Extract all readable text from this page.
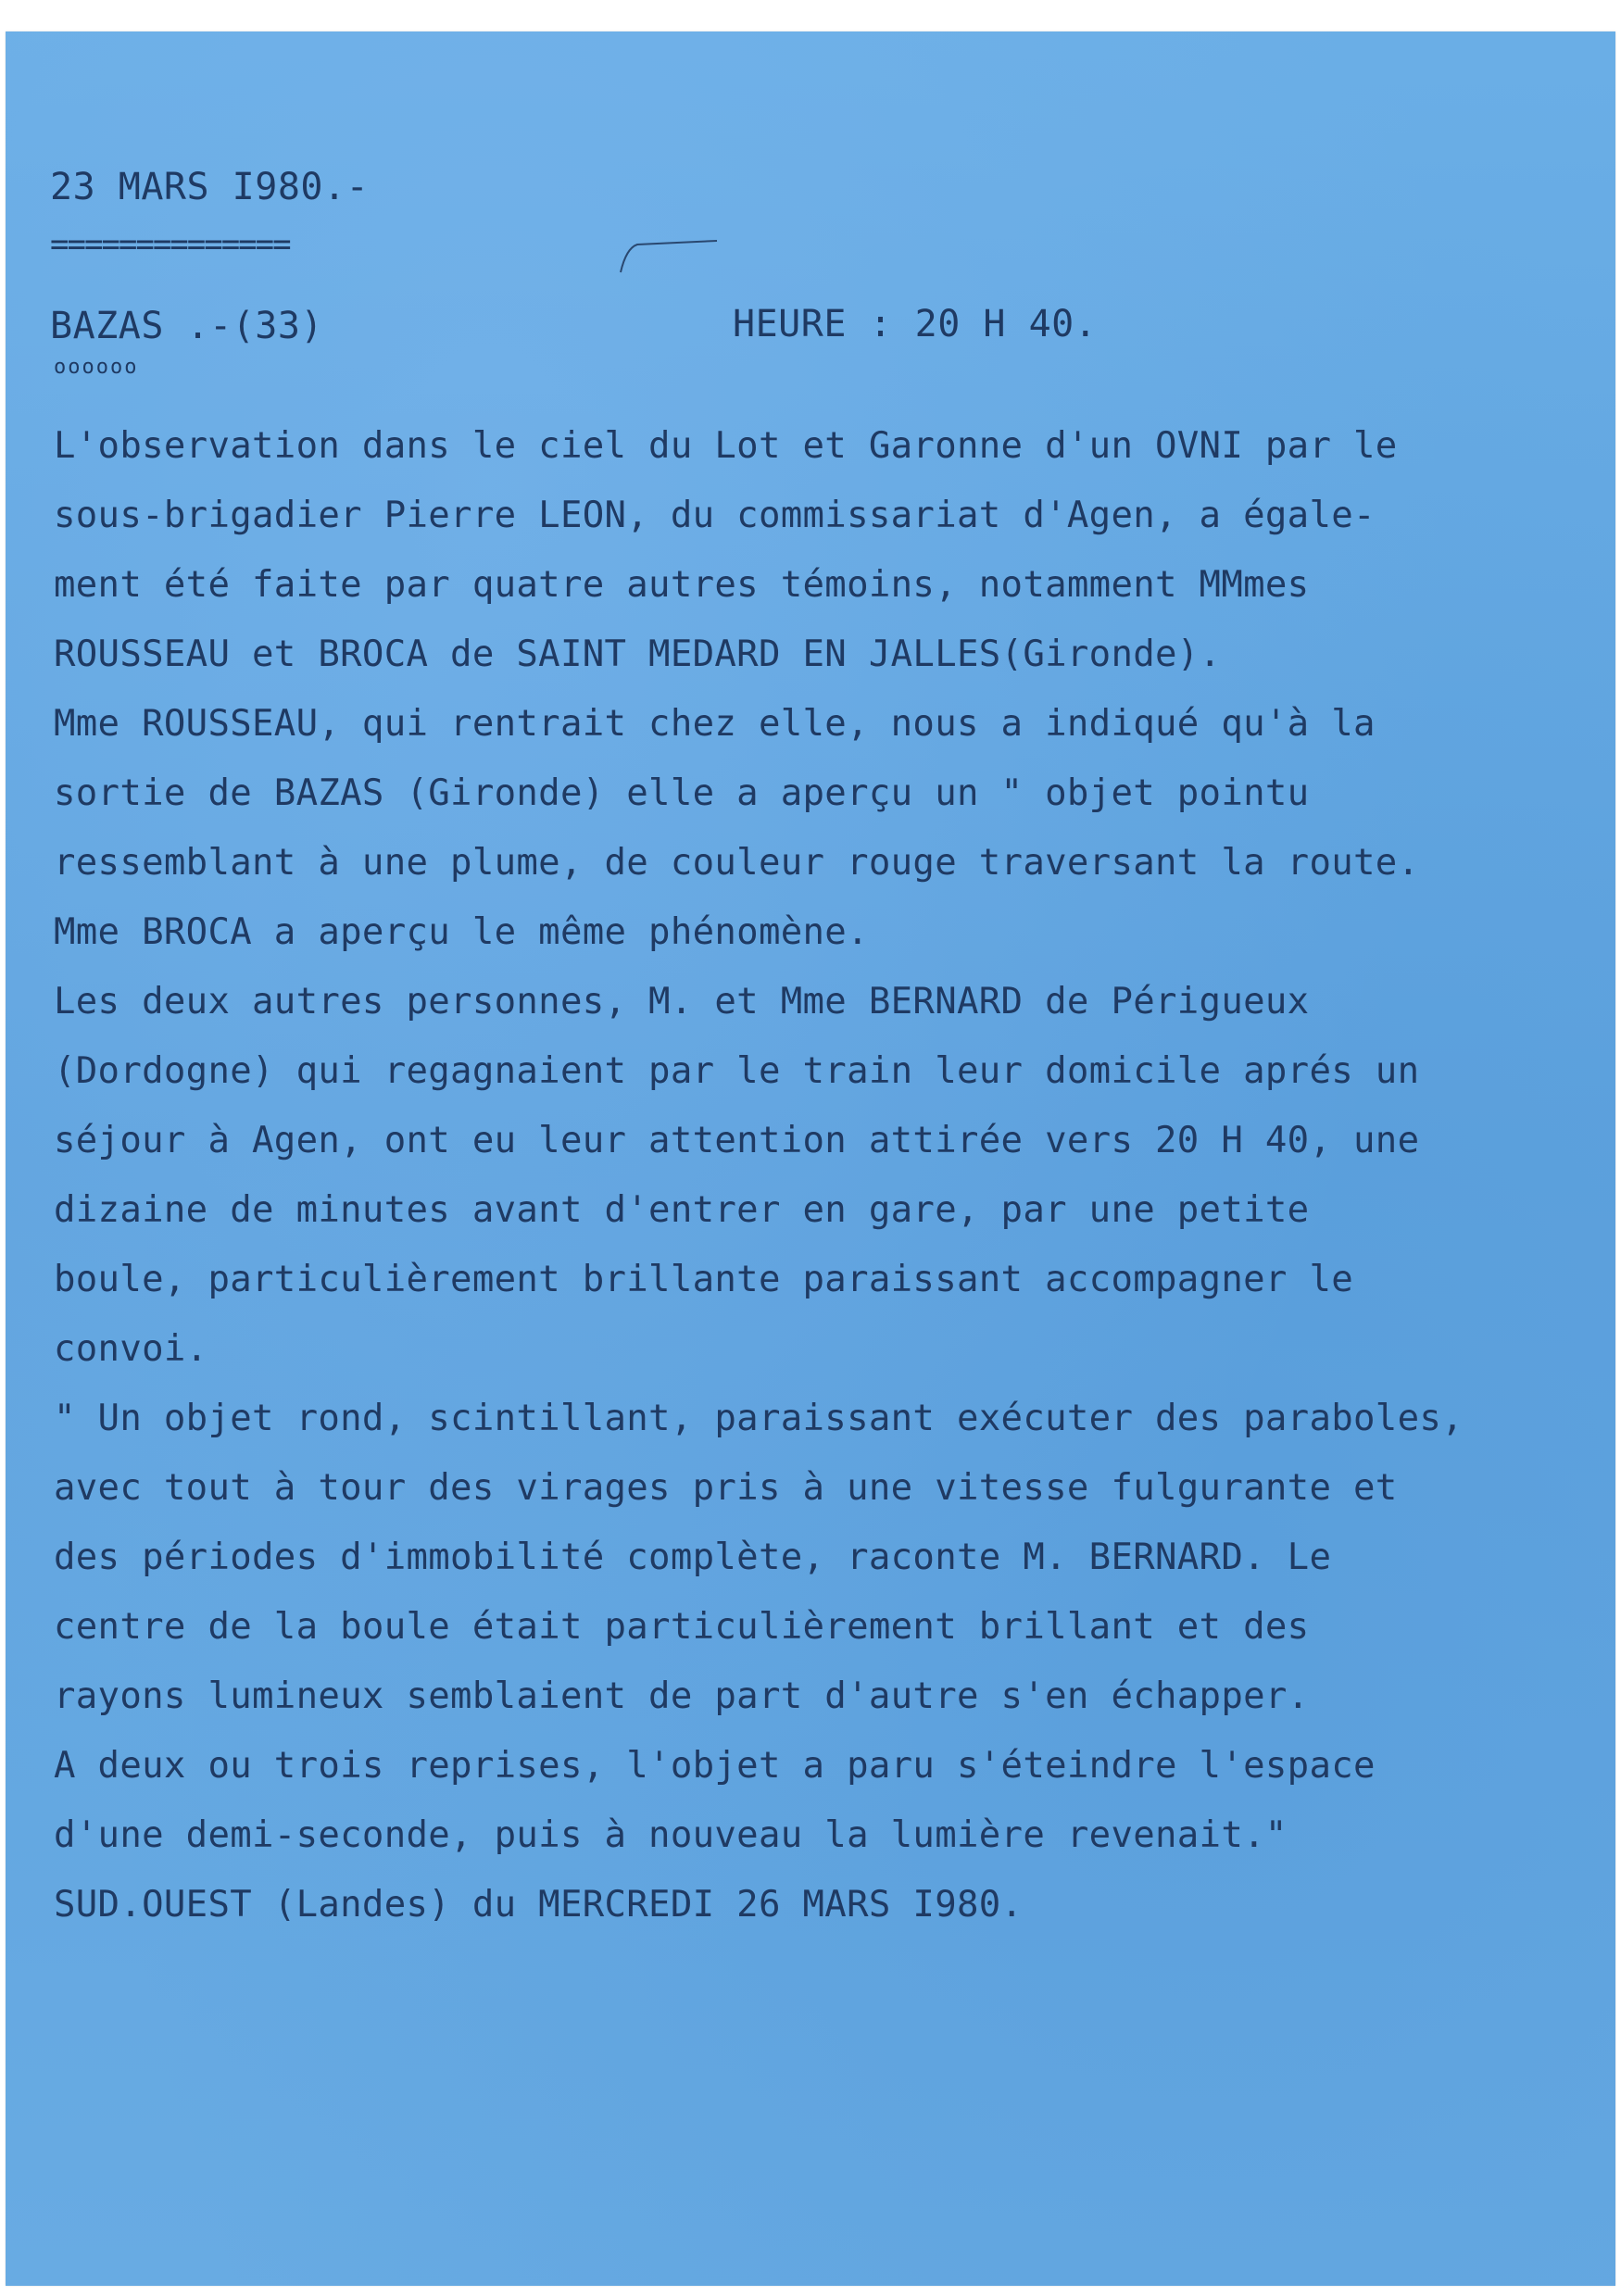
23 MARS I980.-
==============
BAZAS .-(33)	HEURE : 20 H 40.
oooooo
L'observation dans le ciel du Lot et Garonne d'un OVNI par le
sous-brigadier Pierre LEON, du commissariat d'Agen, a égale-
ment été faite par quatre autres témoins, notamment MMmes
ROUSSEAU et BROCA de SAINT MEDARD EN JALLES(Gironde).
Mme ROUSSEAU, qui rentrait chez elle, nous a indiqué qu'à la
sortie de BAZAS (Gironde) elle a aperçu un " objet pointu
ressemblant à une plume, de couleur rouge traversant la route.
Mme BROCA a aperçu le même phénomène.
Les deux autres personnes, M. et Mme BERNARD de Périgueux
(Dordogne) qui regagnaient par le train leur domicile aprés un
séjour à Agen, ont eu leur attention attirée vers 20 H 40, une
dizaine de minutes avant d'entrer en gare, par une petite
boule, particulièrement brillante paraissant accompagner le
convoi.
" Un objet rond, scintillant, paraissant exécuter des paraboles,
avec tout à tour des virages pris à une vitesse fulgurante et
des périodes d'immobilité complète, raconte M. BERNARD. Le
centre de la boule était particulièrement brillant et des
rayons lumineux semblaient de part d'autre s'en échapper.
A deux ou trois reprises, l'objet a paru s'éteindre l'espace
d'une demi-seconde, puis à nouveau la lumière revenait."
SUD.OUEST (Landes) du MERCREDI 26 MARS I980.
